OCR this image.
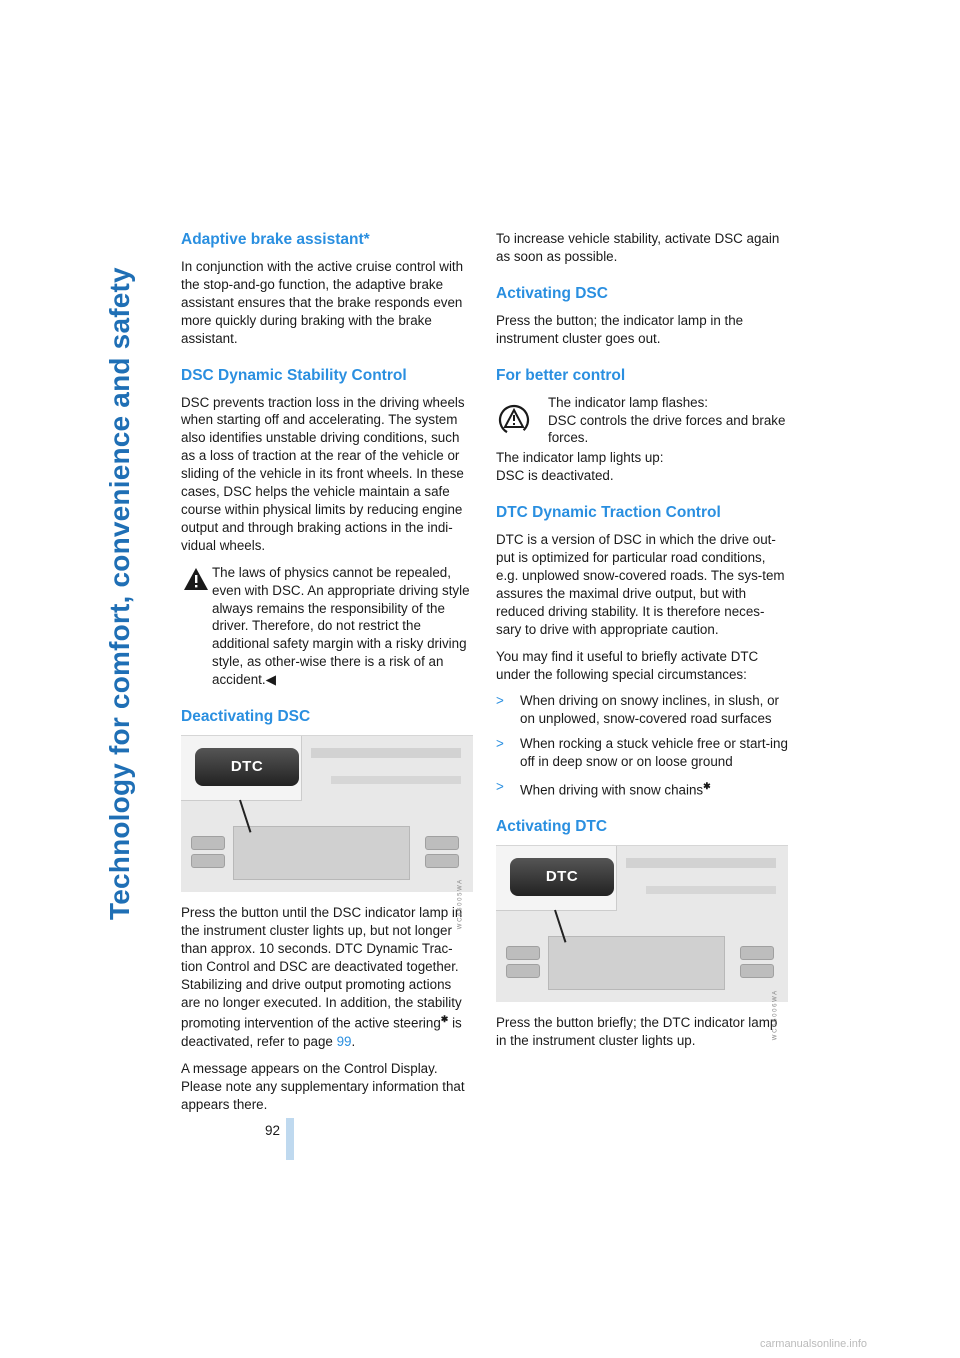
Technology for comfort, convenience and safety
Adaptive brake assistant*

In conjunction with the active cruise control with the stop-and-go function, the adaptive brake assistant ensures that the brake responds even more quickly during braking with the brake assistant.

DSC Dynamic Stability Control

DSC prevents traction loss in the driving wheels when starting off and accelerating. The system also identifies unstable driving conditions, such as a loss of traction at the rear of the vehicle or sliding of the vehicle in its front wheels. In these cases, DSC helps the vehicle maintain a safe course within physical limits by reducing engine output and through braking actions in the indi-vidual wheels.

The laws of physics cannot be repealed, even with DSC. An appropriate driving style always remains the responsibility of the driver. Therefore, do not restrict the additional safety margin with a risky driving style, as other-wise there is a risk of an accident.◀

Deactivating DSC
DTC
W C 6 6 0 0 5 W A

Press the button until the DSC indicator lamp in the instrument cluster lights up, but not longer than approx. 10 seconds. DTC Dynamic Trac-tion Control and DSC are deactivated together. Stabilizing and drive output promoting actions are no longer executed. In addition, the stability promoting intervention of the active steering✱ is deactivated, refer to page 99.

A message appears on the Control Display. Please note any supplementary information that appears there.

To increase vehicle stability, activate DSC again as soon as possible.

Activating DSC

Press the button; the indicator lamp in the instrument cluster goes out.

For better control
The indicator lamp flashes:
DSC controls the drive forces and brake forces.
The indicator lamp lights up:

DSC is deactivated.

DTC Dynamic Traction Control

DTC is a version of DSC in which the drive out-put is optimized for particular road conditions, e.g. unplowed snow-covered roads. The sys-tem assures the maximal drive output, but with reduced driving stability. It is therefore neces-sary to drive with appropriate caution.

You may find it useful to briefly activate DTC under the following special circumstances:

> When driving on snowy inclines, in slush, or on unplowed, snow-covered road surfaces
> When rocking a stuck vehicle free or start-ing off in deep snow or on loose ground
> When driving with snow chains✱
Activating DTC
DTC
W C 6 6 0 0 6 W A

Press the button briefly; the DTC indicator lamp in the instrument cluster lights up.

92
carmanualsonline.info
